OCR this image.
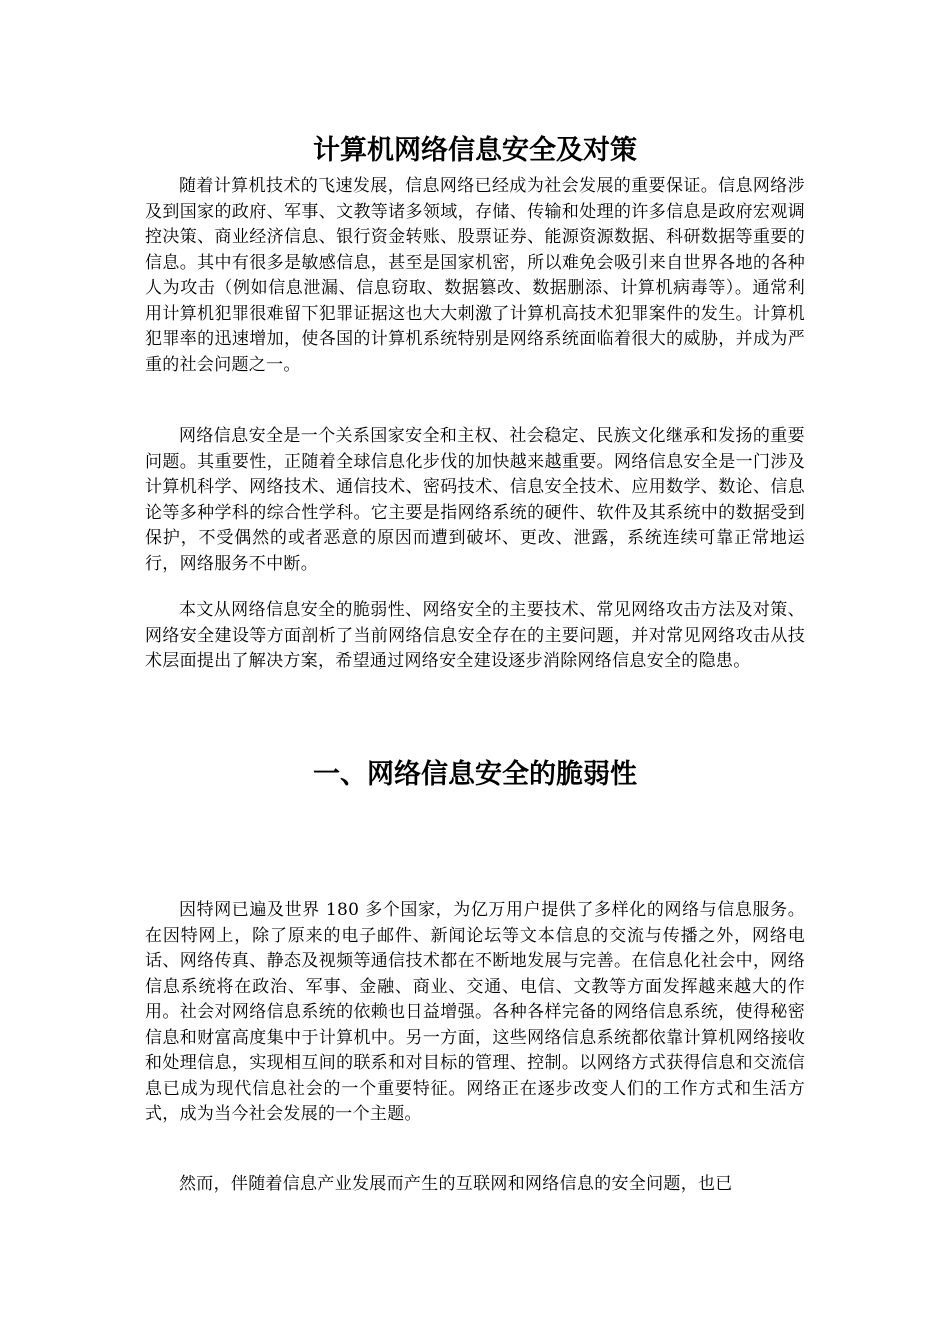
计算机网络信息安全及对策

随着计算机技术的飞速发展，信息网络已经成为社会发展的重要保证。信息网络涉及到国家的政府、军事、文教等诸多领域，存储、传输和处理的许多信息是政府宏观调控决策、商业经济信息、银行资金转账、股票证券、能源资源数据、科研数据等重要的信息。其中有很多是敏感信息，甚至是国家机密，所以难免会吸引来自世界各地的各种人为攻击（例如信息泄漏、信息窃取、数据篡改、数据删添、计算机病毒等）。通常利用计算机犯罪很难留下犯罪证据这也大大刺激了计算机高技术犯罪案件的发生。计算机犯罪率的迅速增加，使各国的计算机系统特别是网络系统面临着很大的威胁，并成为严重的社会问题之一。

网络信息安全是一个关系国家安全和主权、社会稳定、民族文化继承和发扬的重要问题。其重要性，正随着全球信息化步伐的加快越来越重要。网络信息安全是一门涉及计算机科学、网络技术、通信技术、密码技术、信息安全技术、应用数学、数论、信息论等多种学科的综合性学科。它主要是指网络系统的硬件、软件及其系统中的数据受到保护，不受偶然的或者恶意的原因而遭到破坏、更改、泄露，系统连续可靠正常地运行，网络服务不中断。

本文从网络信息安全的脆弱性、网络安全的主要技术、常见网络攻击方法及对策、网络安全建设等方面剖析了当前网络信息安全存在的主要问题，并对常见网络攻击从技术层面提出了解决方案，希望通过网络安全建设逐步消除网络信息安全的隐患。

一、网络信息安全的脆弱性

因特网已遍及世界 180 多个国家，为亿万用户提供了多样化的网络与信息服务。在因特网上，除了原来的电子邮件、新闻论坛等文本信息的交流与传播之外，网络电话、网络传真、静态及视频等通信技术都在不断地发展与完善。在信息化社会中，网络信息系统将在政治、军事、金融、商业、交通、电信、文教等方面发挥越来越大的作用。社会对网络信息系统的依赖也日益增强。各种各样完备的网络信息系统，使得秘密信息和财富高度集中于计算机中。另一方面，这些网络信息系统都依靠计算机网络接收和处理信息，实现相互间的联系和对目标的管理、控制。以网络方式获得信息和交流信息已成为现代信息社会的一个重要特征。网络正在逐步改变人们的工作方式和生活方式，成为当今社会发展的一个主题。

然而，伴随着信息产业发展而产生的互联网和网络信息的安全问题，也已
